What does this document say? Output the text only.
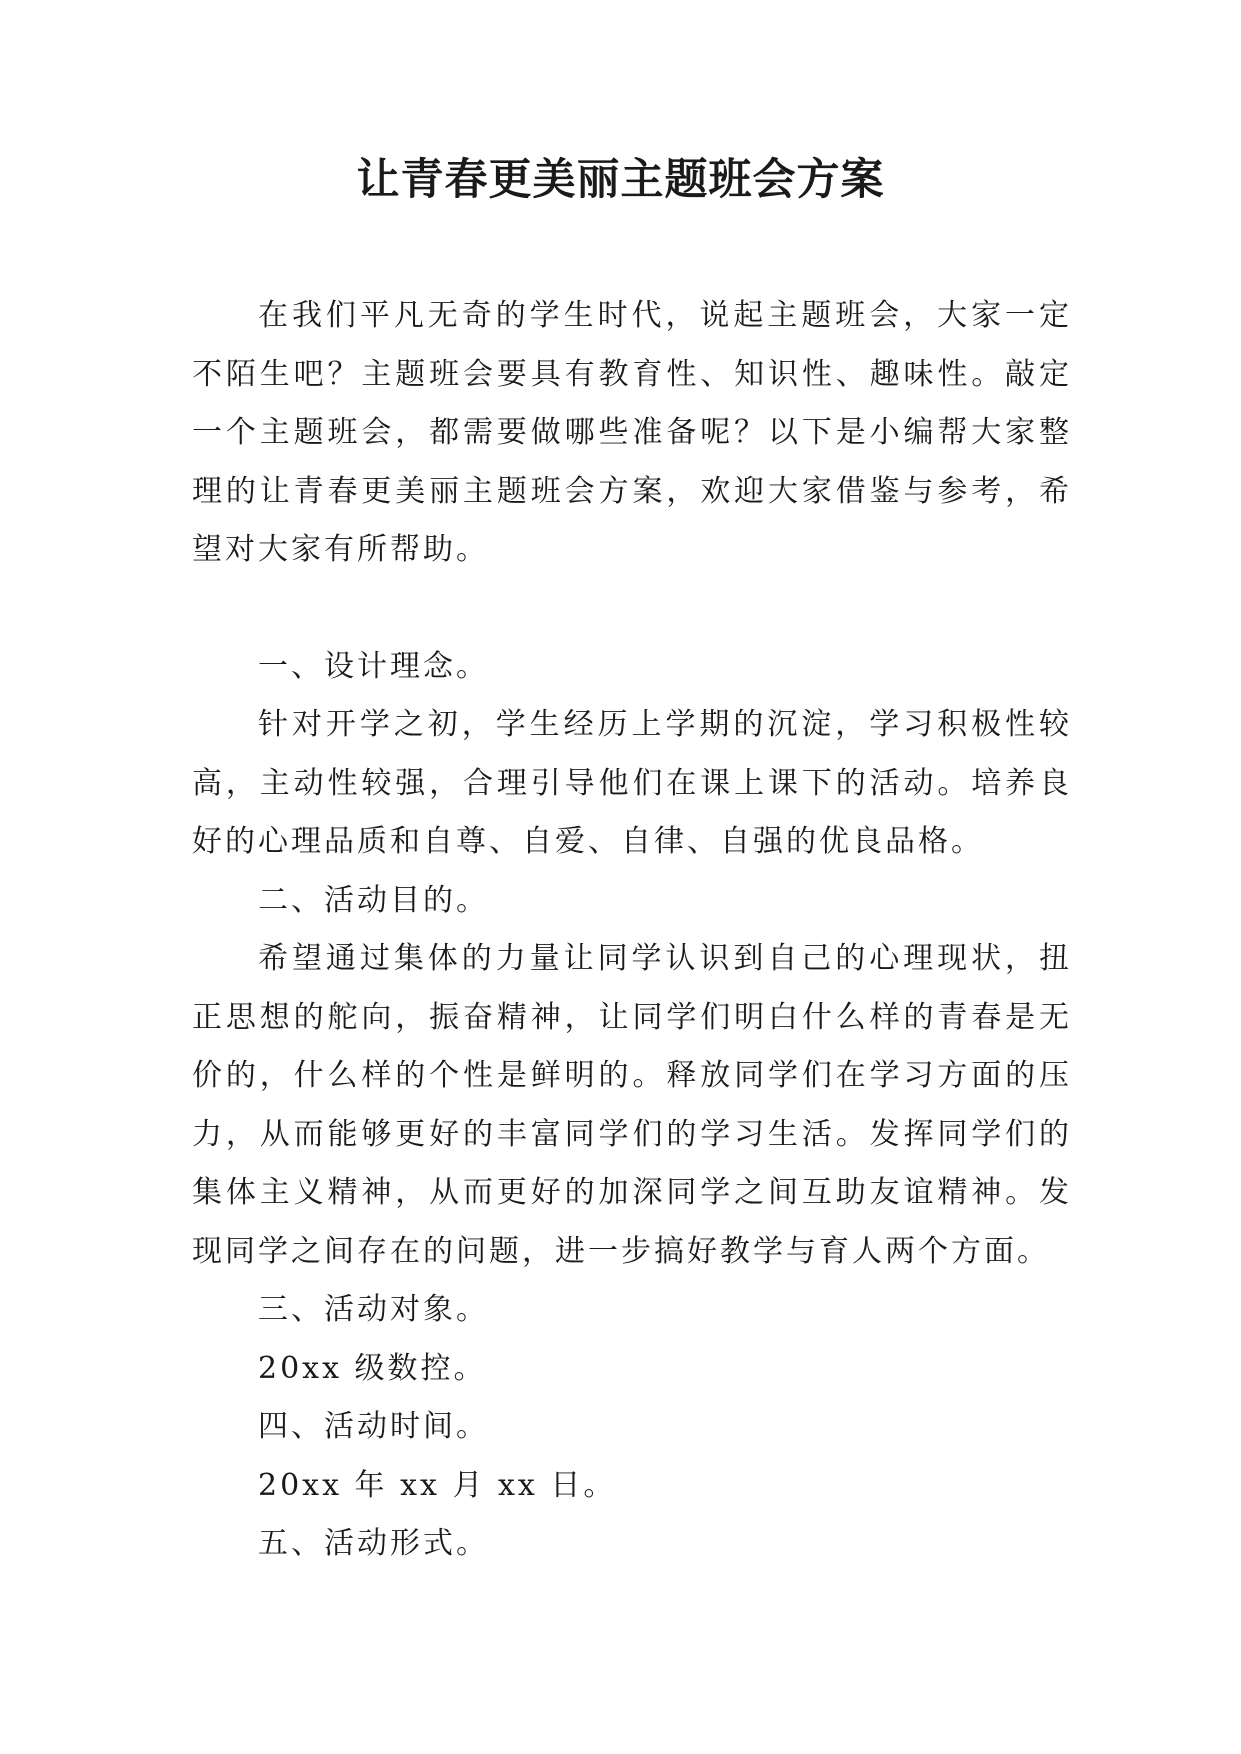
让青春更美丽主题班会方案

在我们平凡无奇的学生时代，说起主题班会，大家一定不陌生吧？主题班会要具有教育性、知识性、趣味性。敲定一个主题班会，都需要做哪些准备呢？以下是小编帮大家整理的让青春更美丽主题班会方案，欢迎大家借鉴与参考，希望对大家有所帮助。

一、设计理念。

针对开学之初，学生经历上学期的沉淀，学习积极性较高，主动性较强，合理引导他们在课上课下的活动。培养良好的心理品质和自尊、自爱、自律、自强的优良品格。

二、活动目的。

希望通过集体的力量让同学认识到自己的心理现状，扭正思想的舵向，振奋精神，让同学们明白什么样的青春是无价的，什么样的个性是鲜明的。释放同学们在学习方面的压力，从而能够更好的丰富同学们的学习生活。发挥同学们的集体主义精神，从而更好的加深同学之间互助友谊精神。发现同学之间存在的问题，进一步搞好教学与育人两个方面。

三、活动对象。

20xx 级数控。

四、活动时间。

20xx 年 xx 月 xx 日。

五、活动形式。
